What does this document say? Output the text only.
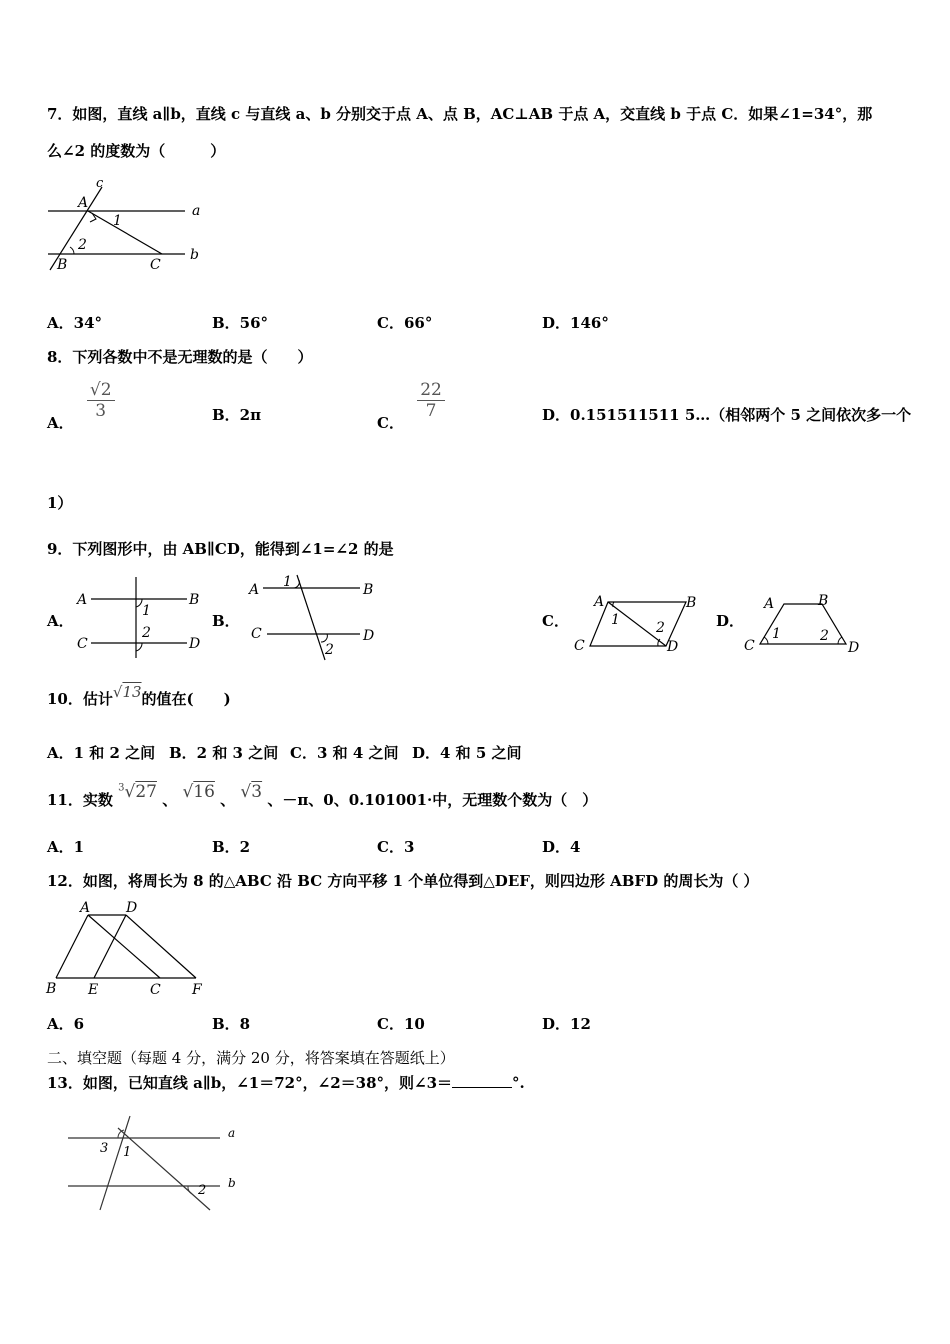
7．如图，直线 a∥b，直线 c 与直线 a、b 分别交于点 A、点 B，AC⊥AB 于点 A，交直线 b 于点 C．如果∠1=34°，那
么∠2 的度数为（　　　）
c
A	a
1
2
B	C
b
A．34°	B．56°	C．66°	D．146°
8．下列各数中不是无理数的是（　　）
A．
$\frac{√2}{3}$	B．2π	C．
$\frac{22}{7}$	D．0.151511511 5…（相邻两个 5 之间依次多一个
1）
9．下列图形中，由 AB∥CD，能得到∠1=∠2 的是
A．
A	B
C	D
1
2
B．
A	B
C	D
1
2
C．
A	B
C	D
1	2	D．
A	B
C	D
1	2
10．估计√13的值在(　　)
A．1 和 2 之间 B．2 和 3 之间 C．3 和 4 之间 D．4 和 5 之间
11．实数 $^3$√27 、 √16 、 √3 、－π、0、0.101001·中，无理数个数为（　）
A．1	B．2	C．3	D．4
12．如图，将周长为 8 的△ABC 沿 BC 方向平移 1 个单位得到△DEF，则四边形 ABFD 的周长为（ ）
A	D
B E	C F
A．6	B．8	C．10	D．12
二、填空题（每题 4 分，满分 20 分，将答案填在答题纸上）
13．如图，已知直线 a∥b，∠1＝72°，∠2＝38°，则∠3＝	°.
3 1
a
b
2
